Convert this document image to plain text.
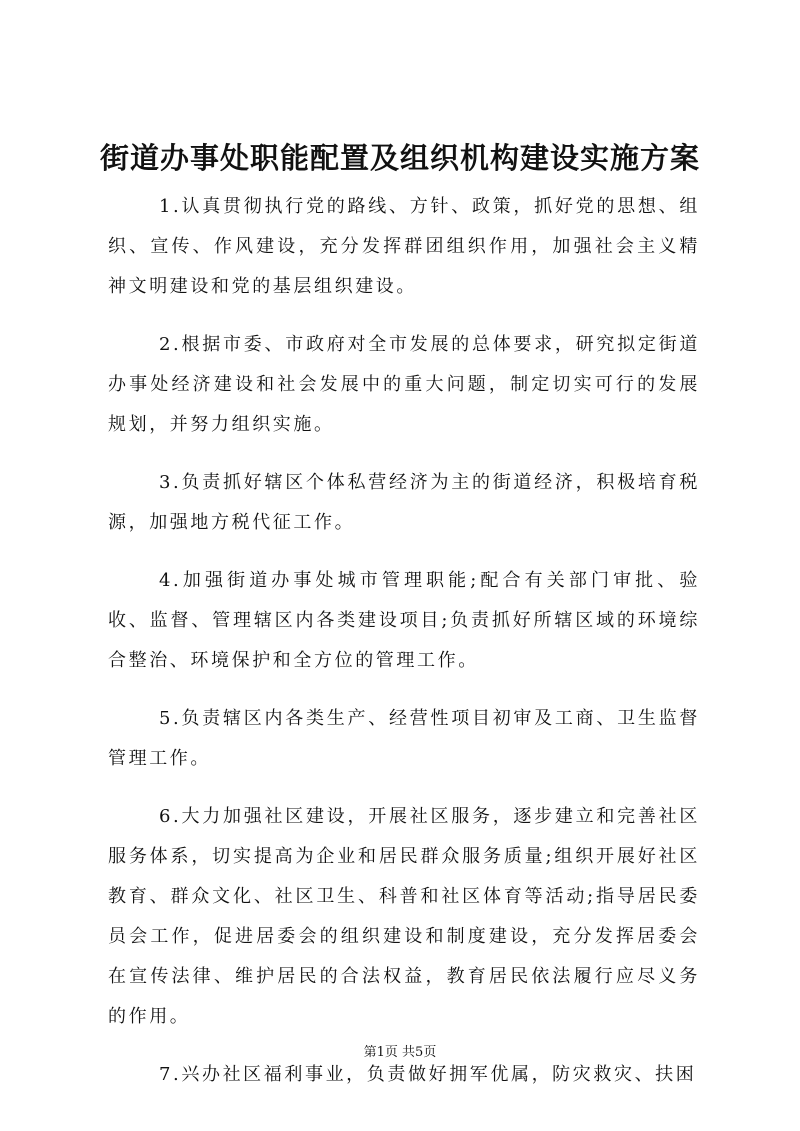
街道办事处职能配置及组织机构建设实施方案

1.认真贯彻执行党的路线、方针、政策，抓好党的思想、组织、宣传、作风建设，充分发挥群团组织作用，加强社会主义精神文明建设和党的基层组织建设。

2.根据市委、市政府对全市发展的总体要求，研究拟定街道办事处经济建设和社会发展中的重大问题，制定切实可行的发展规划，并努力组织实施。

3.负责抓好辖区个体私营经济为主的街道经济，积极培育税源，加强地方税代征工作。

4.加强街道办事处城市管理职能;配合有关部门审批、验收、监督、管理辖区内各类建设项目;负责抓好所辖区域的环境综合整治、环境保护和全方位的管理工作。

5.负责辖区内各类生产、经营性项目初审及工商、卫生监督管理工作。

6.大力加强社区建设，开展社区服务，逐步建立和完善社区服务体系，切实提高为企业和居民群众服务质量;组织开展好社区教育、群众文化、社区卫生、科普和社区体育等活动;指导居民委员会工作，促进居委会的组织建设和制度建设，充分发挥居委会在宣传法律、维护居民的合法权益，教育居民依法履行应尽义务的作用。

7.兴办社区福利事业，负责做好拥军优属，防灾救灾、扶困

第1页 共5页
